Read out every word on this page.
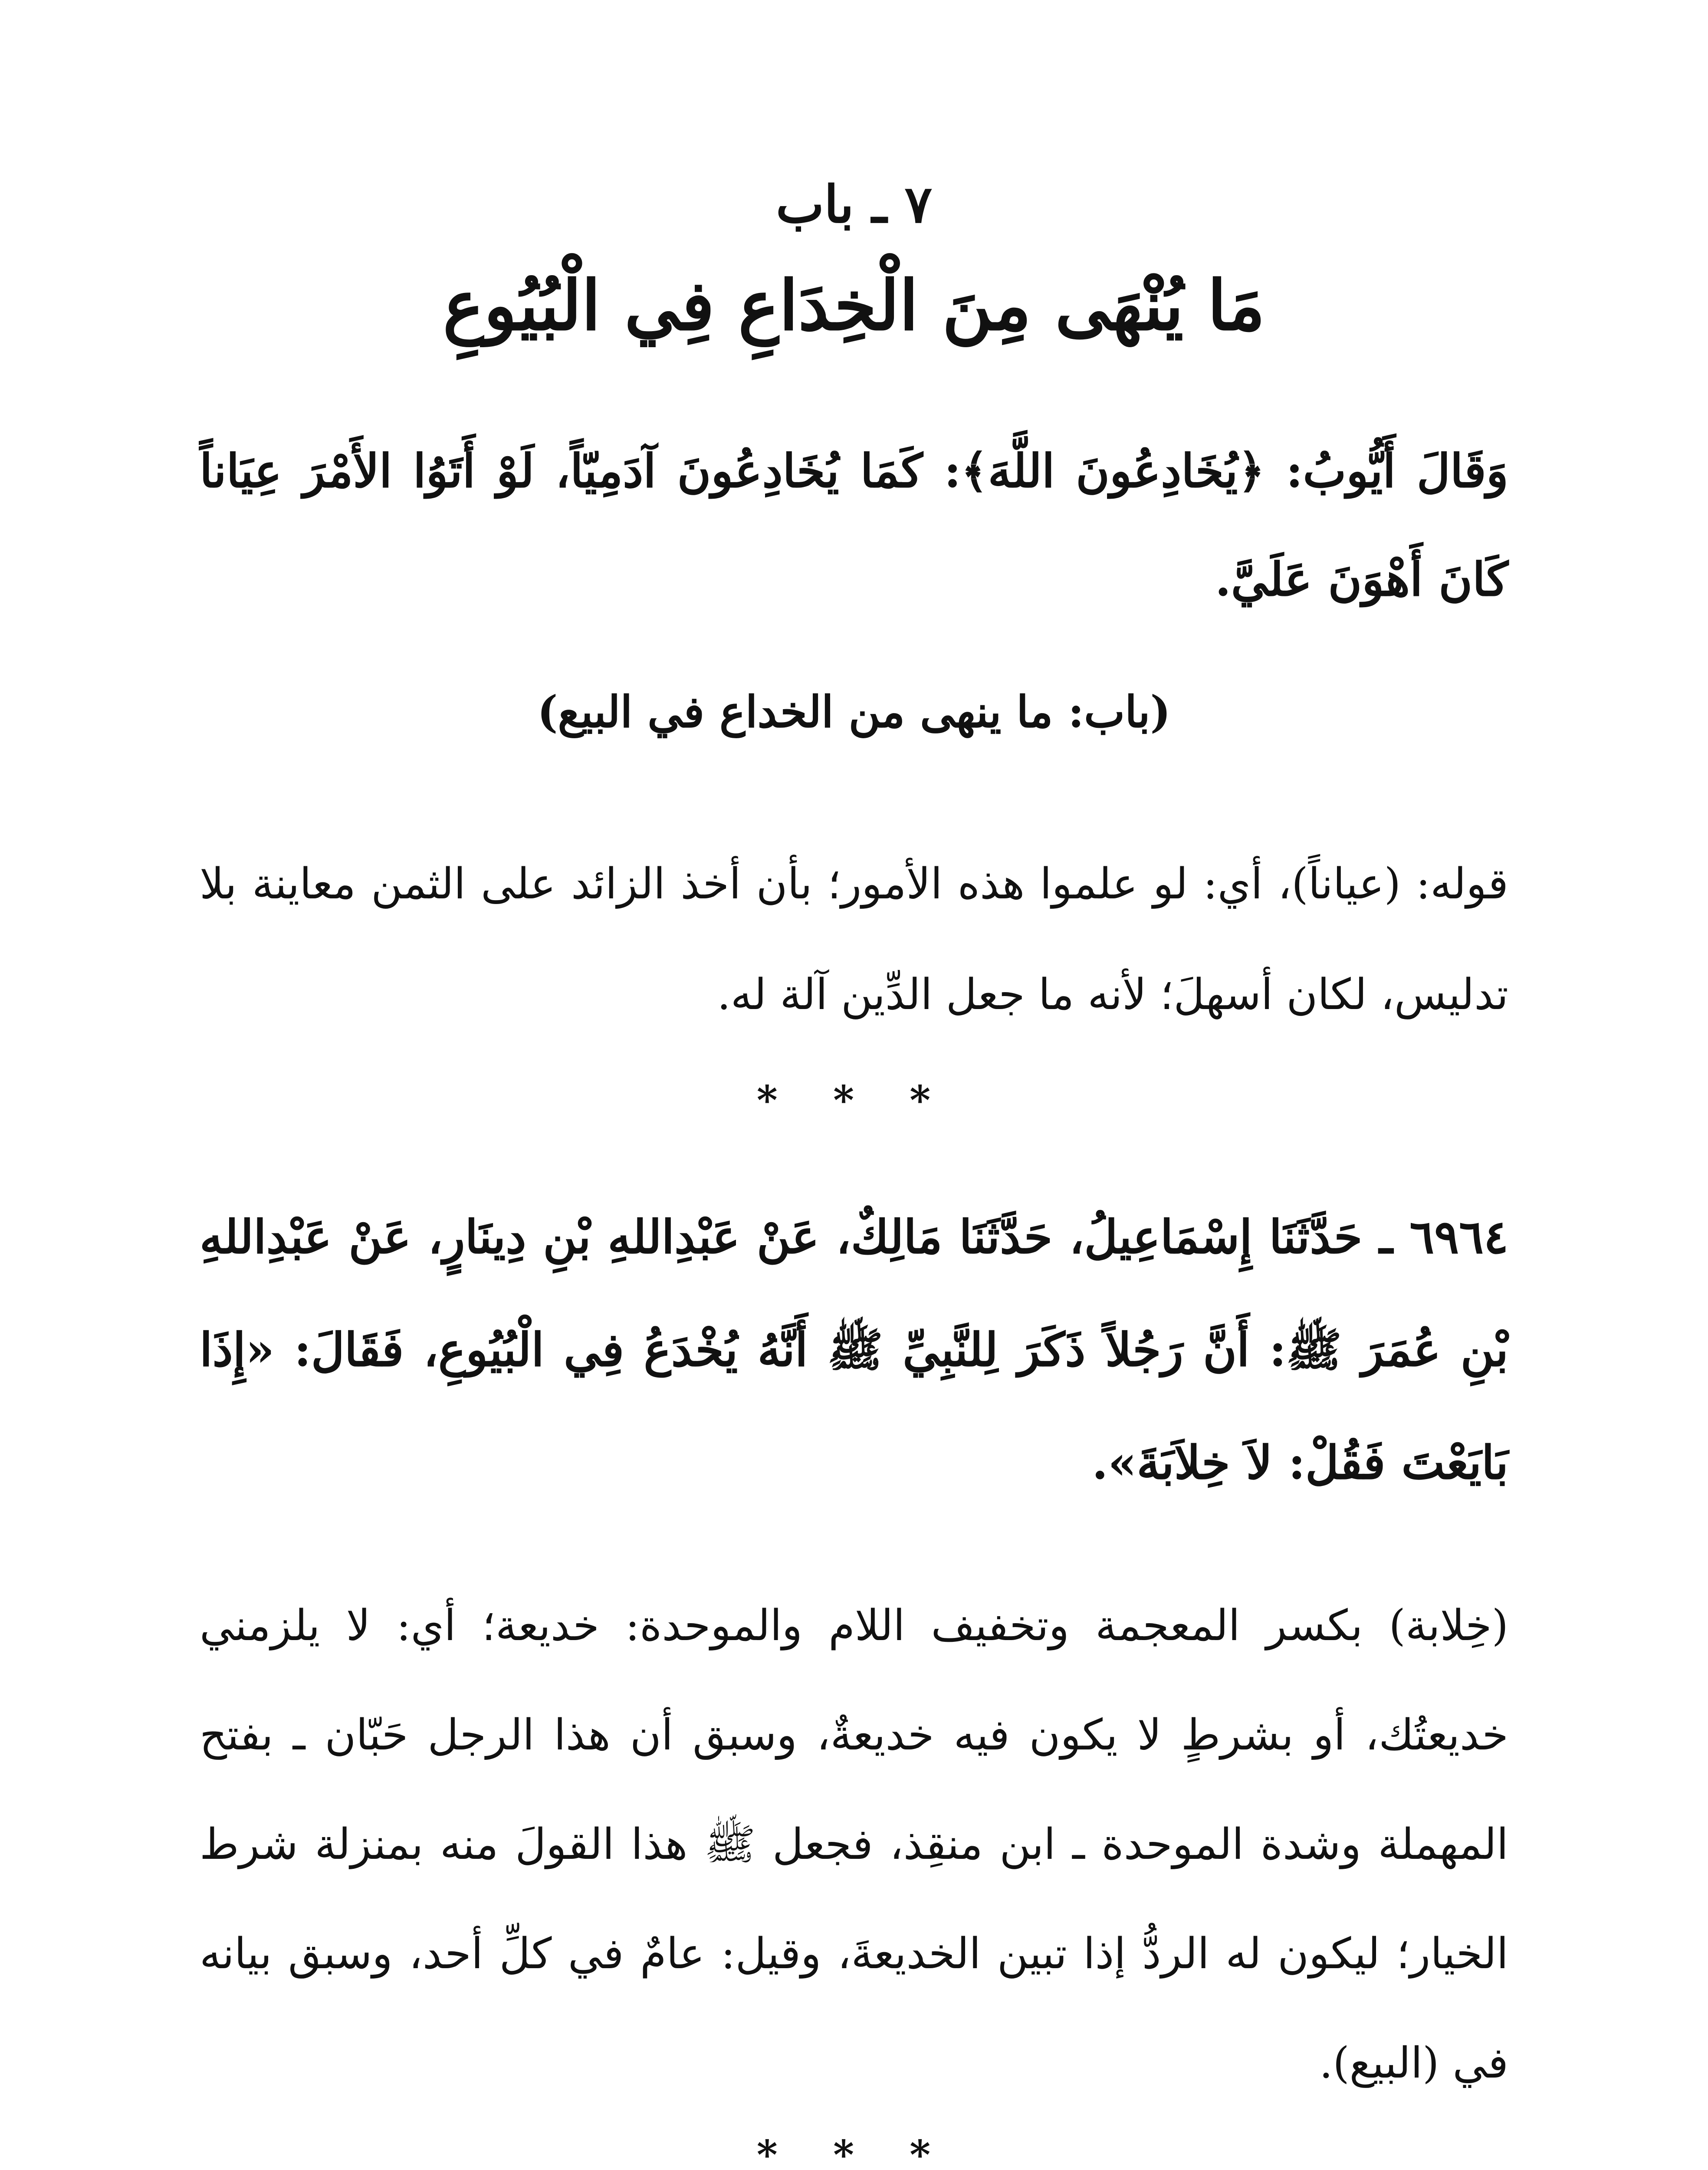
٧ ـ باب
مَا يُنْهَى مِنَ الْخِدَاعِ فِي الْبُيُوعِ
وَقَالَ أَيُّوبُ: ﴿يُخَادِعُونَ اللَّهَ﴾: كَمَا يُخَادِعُونَ آدَمِيّاً، لَوْ أَتَوُا الأَمْرَ عِيَاناً كَانَ أَهْوَنَ عَلَيَّ.
(باب: ما ينهى من الخداع في البيع)
قوله: (عياناً)، أي: لو علموا هذه الأمور؛ بأن أخذ الزائد على الثمن معاينة بلا تدليس، لكان أسهلَ؛ لأنه ما جعل الدِّين آلة له.
* * *
٦٩٦٤ ـ حَدَّثَنَا إِسْمَاعِيلُ، حَدَّثَنَا مَالِكٌ، عَنْ عَبْدِاللهِ بْنِ دِينَارٍ، عَنْ عَبْدِاللهِ بْنِ عُمَرَ ﷺ: أَنَّ رَجُلاً ذَكَرَ لِلنَّبِيِّ ﷺ أَنَّهُ يُخْدَعُ فِي الْبُيُوعِ، فَقَالَ: «إِذَا بَايَعْتَ فَقُلْ: لاَ خِلاَبَةَ».
(خِلابة) بكسر المعجمة وتخفيف اللام والموحدة: خديعة؛ أي: لا يلزمني خديعتُك، أو بشرطٍ لا يكون فيه خديعةٌ، وسبق أن هذا الرجل حَبّان ـ بفتح المهملة وشدة الموحدة ـ ابن منقِذ، فجعل ﷺ هذا القولَ منه بمنزلة شرط الخيار؛ ليكون له الردُّ إذا تبين الخديعةَ، وقيل: عامٌ في كلِّ أحد، وسبق بيانه في (البيع).
* * *
